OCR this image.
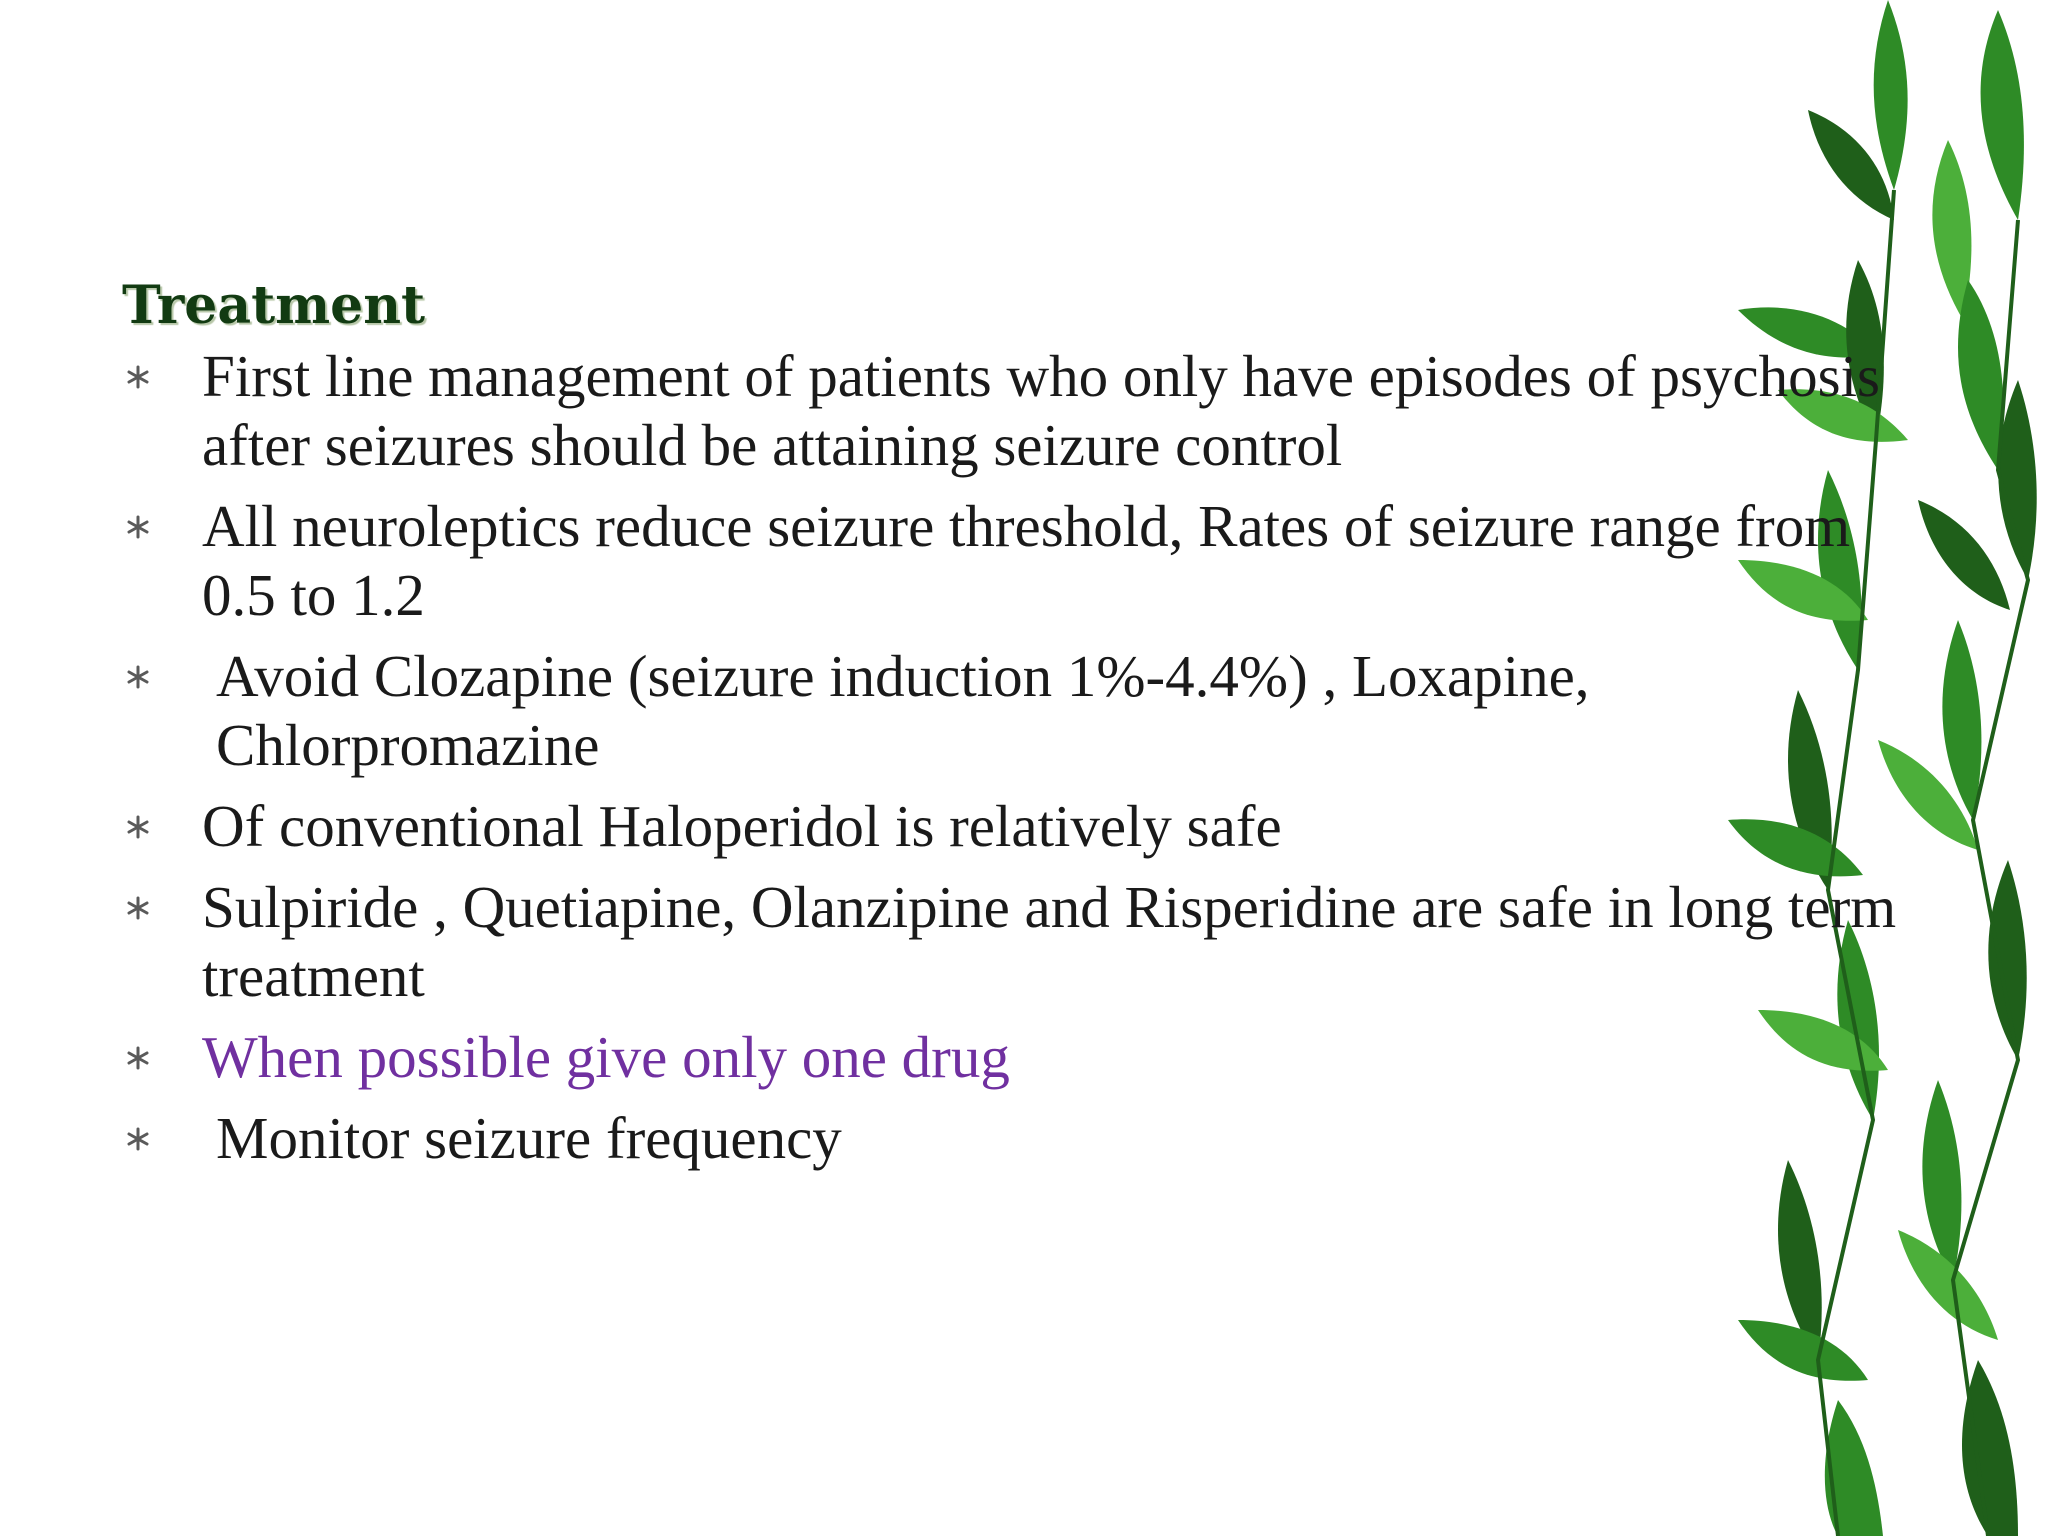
Treatment
First line management of patients who only have episodes of psychosis after seizures should be attaining seizure control
All neuroleptics reduce seizure threshold, Rates of seizure range from 0.5 to 1.2
Avoid Clozapine (seizure induction 1%-4.4%) , Loxapine, Chlorpromazine
Of conventional Haloperidol is relatively safe
Sulpiride , Quetiapine, Olanzipine and Risperidine are safe in long term treatment
When possible give only one drug
Monitor seizure frequency
